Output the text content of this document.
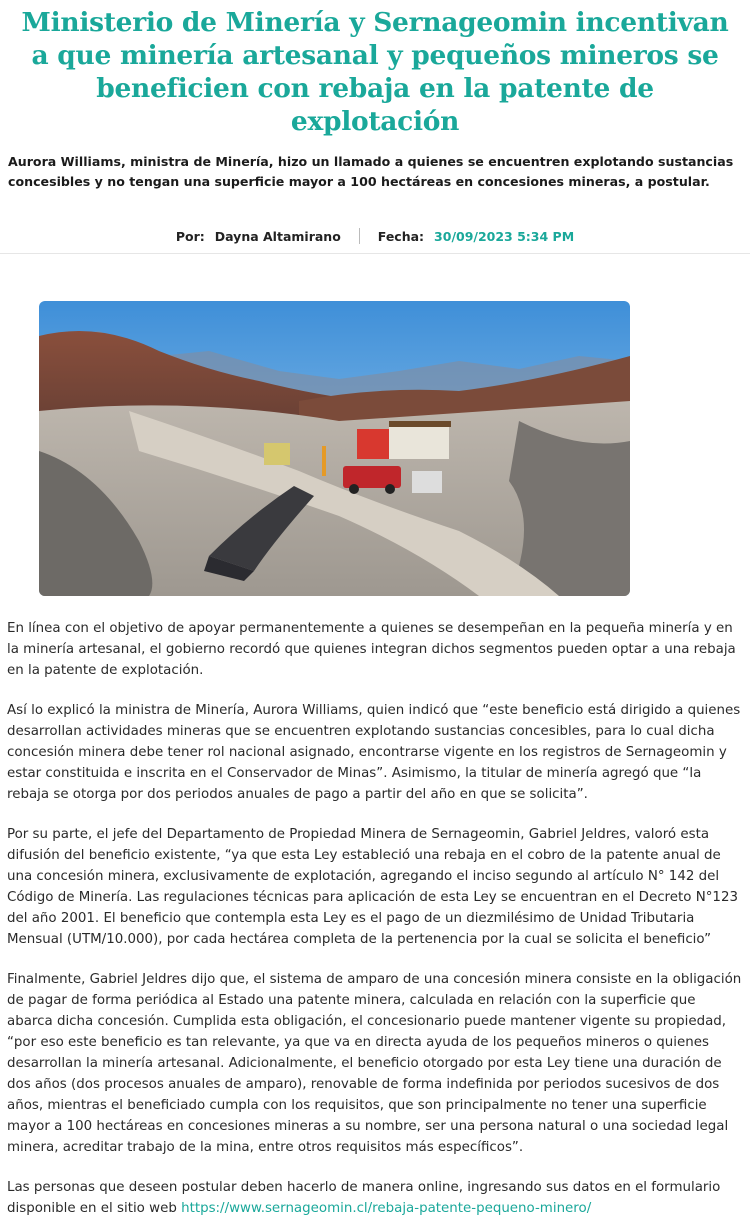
Ministerio de Minería y Sernageomin incentivan a que minería artesanal y pequeños mineros se beneficien con rebaja en la patente de explotación
Aurora Williams, ministra de Minería, hizo un llamado a quienes se encuentren explotando sustancias concesibles y no tengan una superficie mayor a 100 hectáreas en concesiones mineras, a postular.
Por: Dayna Altamirano	Fecha: 30/09/2023 5:34 PM

En línea con el objetivo de apoyar permanentemente a quienes se desempeñan en la pequeña minería y en la minería artesanal, el gobierno recordó que quienes integran dichos segmentos pueden optar a una rebaja en la patente de explotación.

Así lo explicó la ministra de Minería, Aurora Williams, quien indicó que “este beneficio está dirigido a quienes desarrollan actividades mineras que se encuentren explotando sustancias concesibles, para lo cual dicha concesión minera debe tener rol nacional asignado, encontrarse vigente en los registros de Sernageomin y estar constituida e inscrita en el Conservador de Minas”. Asimismo, la titular de minería agregó que “la rebaja se otorga por dos periodos anuales de pago a partir del año en que se solicita”.

Por su parte, el jefe del Departamento de Propiedad Minera de Sernageomin, Gabriel Jeldres, valoró esta difusión del beneficio existente, “ya que esta Ley estableció una rebaja en el cobro de la patente anual de una concesión minera, exclusivamente de explotación, agregando el inciso segundo al artículo N° 142 del Código de Minería. Las regulaciones técnicas para aplicación de esta Ley se encuentran en el Decreto N°123 del año 2001. El beneficio que contempla esta Ley es el pago de un diezmilésimo de Unidad Tributaria Mensual (UTM/10.000), por cada hectárea completa de la pertenencia por la cual se solicita el beneficio”

Finalmente, Gabriel Jeldres dijo que, el sistema de amparo de una concesión minera consiste en la obligación de pagar de forma periódica al Estado una patente minera, calculada en relación con la superficie que abarca dicha concesión. Cumplida esta obligación, el concesionario puede mantener vigente su propiedad, “por eso este beneficio es tan relevante, ya que va en directa ayuda de los pequeños mineros o quienes desarrollan la minería artesanal. Adicionalmente, el beneficio otorgado por esta Ley tiene una duración de dos años (dos procesos anuales de amparo), renovable de forma indefinida por periodos sucesivos de dos años, mientras el beneficiado cumpla con los requisitos, que son principalmente no tener una superficie mayor a 100 hectáreas en concesiones mineras a su nombre, ser una persona natural o una sociedad legal minera, acreditar trabajo de la mina, entre otros requisitos más específicos”.

Las personas que deseen postular deben hacerlo de manera online, ingresando sus datos en el formulario disponible en el sitio web https://www.sernageomin.cl/rebaja-patente-pequeno-minero/
